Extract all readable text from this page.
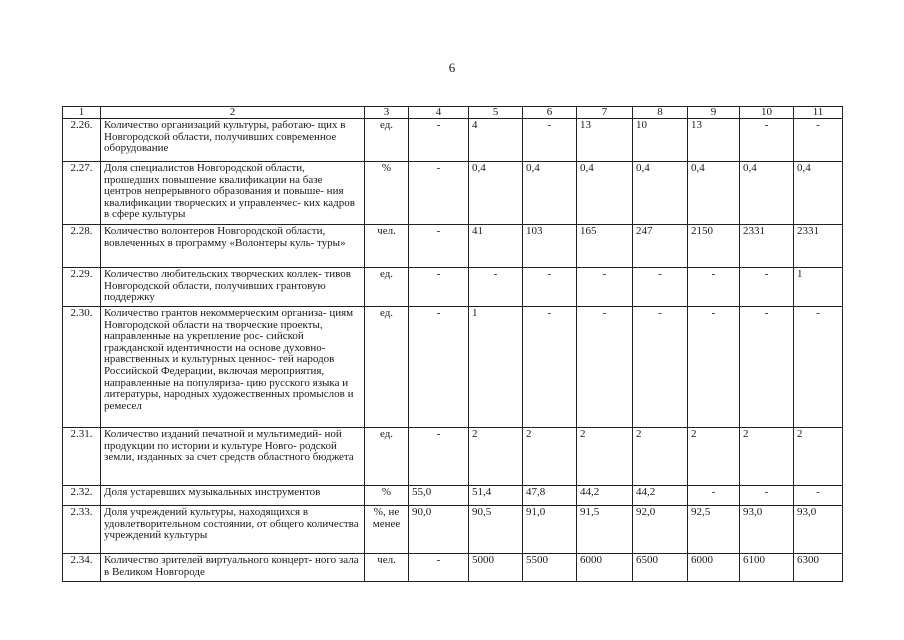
6
1	2	3	4	5	6	7	8	9	10	11
2.26.	Количество организаций культуры, работаю- щих в Новгородской области, получивших современное оборудование	ед.	-	4	-	13	10	13	-	-
2.27.	Доля специалистов Новгородской области, прошедших повышение квалификации на базе центров непрерывного образования и повыше- ния квалификации творческих и управленчес- ких кадров в сфере культуры	%	-	0,4	0,4	0,4	0,4	0,4	0,4	0,4
2.28.	Количество волонтеров Новгородской области, вовлеченных в программу «Волонтеры куль- туры»	чел.	-	41	103	165	247	2150	2331	2331
2.29.	Количество любительских творческих коллек- тивов Новгородской области, получивших грантовую поддержку	ед.	-	-	-	-	-	-	-	1
2.30.	Количество грантов некоммерческим организа- циям Новгородской области на творческие проекты, направленные на укрепление рос- сийской гражданской идентичности на основе духовно-нравственных и культурных ценнос- тей народов Российской Федерации, включая мероприятия, направленные на популяриза- цию русского языка и литературы, народных художественных промыслов и ремесел	ед.	-	1	-	-	-	-	-	-
2.31.	Количество изданий печатной и мультимедий- ной продукции по истории и культуре Новго- родской земли, изданных за счет средств областного бюджета	ед.	-	2	2	2	2	2	2	2
2.32.	Доля устаревших музыкальных инструментов	%	55,0	51,4	47,8	44,2	44,2	-	-	-
2.33.	Доля учреждений культуры, находящихся в удовлетворительном состоянии, от общего количества учреждений культуры	%, не менее	90,0	90,5	91,0	91,5	92,0	92,5	93,0	93,0
2.34.	Количество зрителей виртуального концерт- ного зала в Великом Новгороде	чел.	-	5000	5500	6000	6500	6000	6100	6300
